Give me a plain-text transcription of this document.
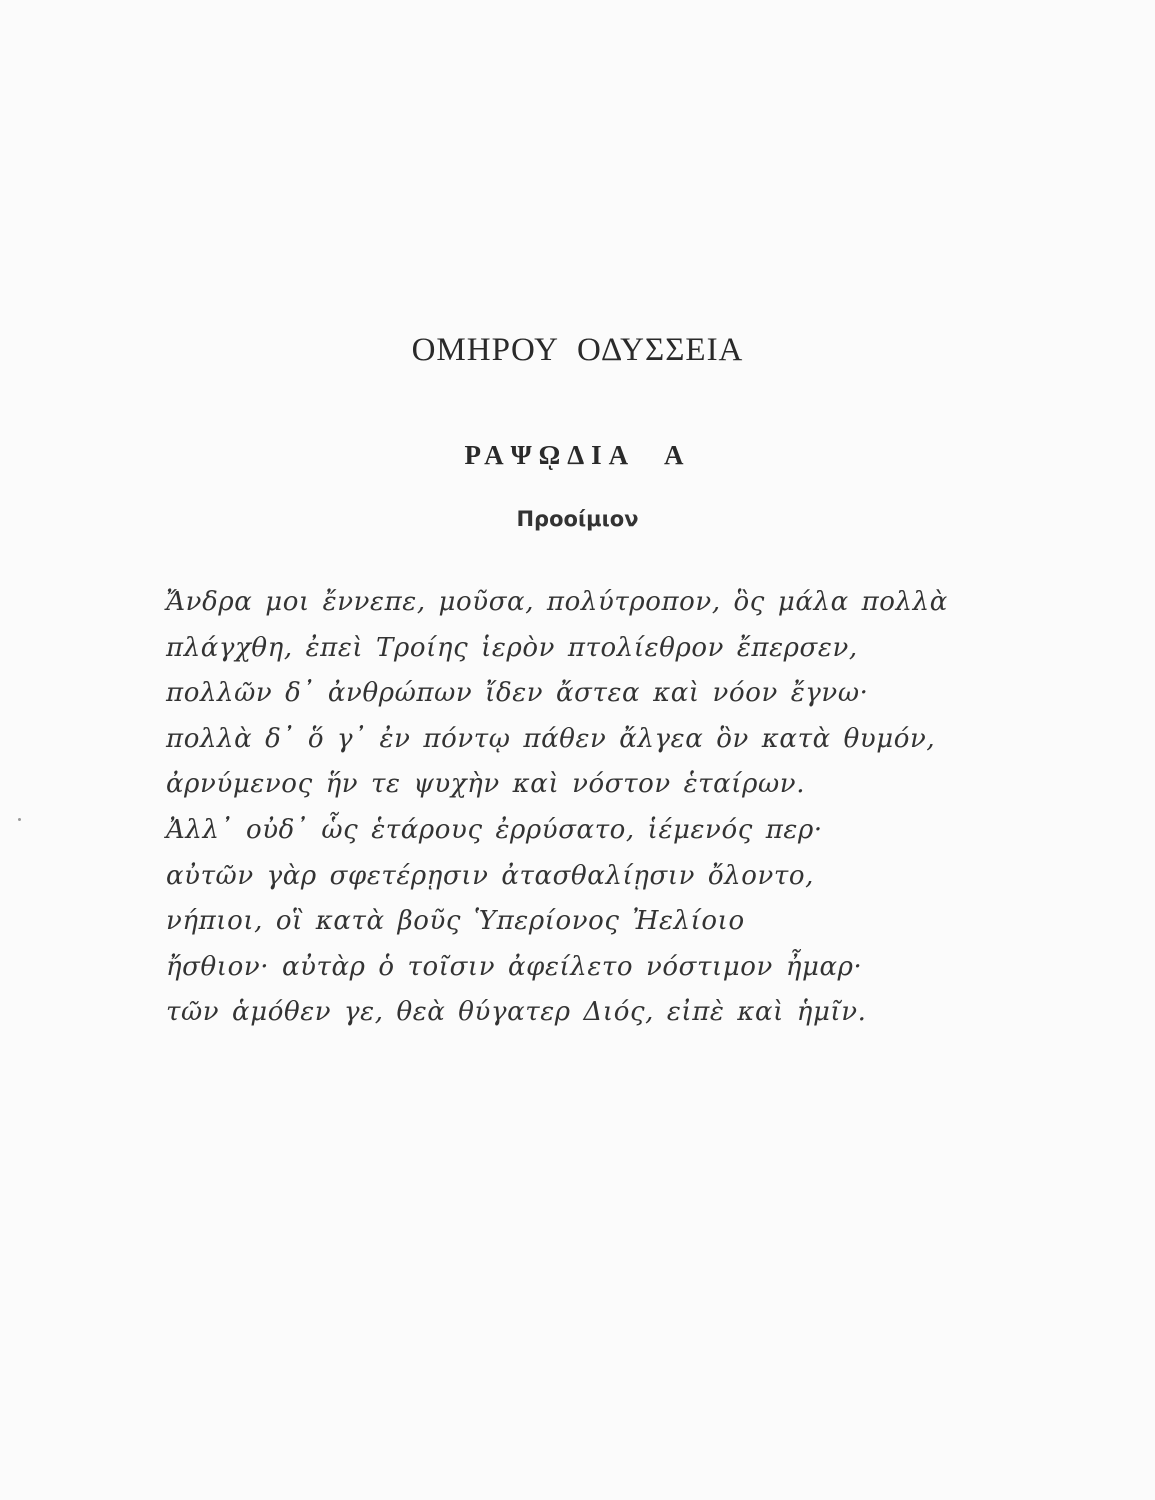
ΟΜΗΡΟΥ ΟΔΥΣΣΕΙΑ
ΡΑΨῼΔΙΑ Α
Προοίμιον
Ἄνδρα μοι ἔννεπε, μοῦσα, πολύτροπον, ὃς μάλα πολλὰ
πλάγχθη, ἐπεὶ Τροίης ἱερὸν πτολίεθρον ἔπερσεν,
πολλῶν δ᾽ ἀνθρώπων ἴδεν ἄστεα καὶ νόον ἔγνω·
πολλὰ δ᾽ ὅ γ᾽ ἐν πόντῳ πάθεν ἄλγεα ὃν κατὰ θυμόν,
ἀρνύμενος ἥν τε ψυχὴν καὶ νόστον ἑταίρων.
Ἀλλ᾽ οὐδ᾽ ὧς ἑτάρους ἐρρύσατο, ἱέμενός περ·
αὐτῶν γὰρ σφετέρῃσιν ἀτασθαλίῃσιν ὄλοντο,
νήπιοι, οἳ κατὰ βοῦς Ὑπερίονος Ἠελίοιο
ἤσθιον· αὐτὰρ ὁ τοῖσιν ἀφείλετο νόστιμον ἦμαρ·
τῶν ἁμόθεν γε, θεὰ θύγατερ Διός, εἰπὲ καὶ ἡμῖν.
